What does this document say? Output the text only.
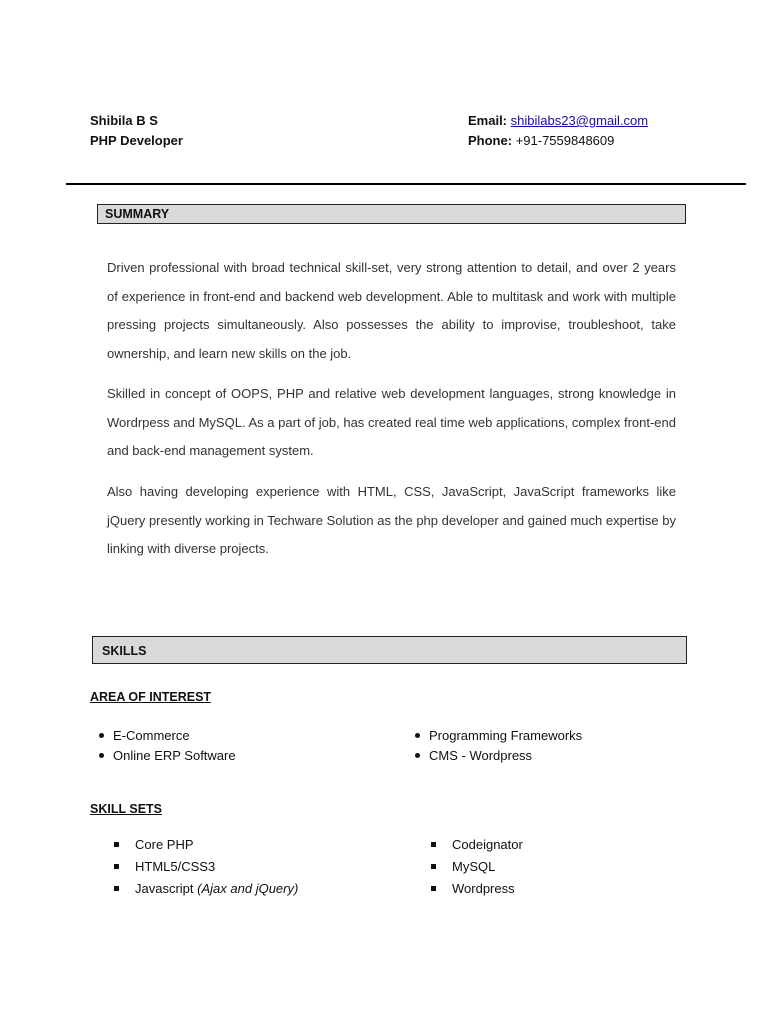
Shibila B S
PHP Developer
Email: shibilabs23@gmail.com
Phone: +91-7559848609
SUMMARY

Driven professional with broad technical skill-set, very strong attention to detail, and over 2 years of experience in front-end and backend web development. Able to multitask and work with multiple pressing projects simultaneously. Also possesses the ability to improvise, troubleshoot, take ownership, and learn new skills on the job.

Skilled in concept of OOPS, PHP and relative web development languages, strong knowledge in Wordrpess and MySQL. As a part of job, has created real time web applications, complex front-end and back-end management system.

Also having developing experience with HTML, CSS, JavaScript, JavaScript frameworks like jQuery presently working in Techware Solution as the php developer and gained much expertise by linking with diverse projects.

SKILLS
AREA OF INTEREST
E-Commerce
Online ERP Software
Programming Frameworks
CMS - Wordpress
SKILL SETS
Core PHP
HTML5/CSS3
Javascript (Ajax and jQuery)
Codeignator
MySQL
Wordpress
